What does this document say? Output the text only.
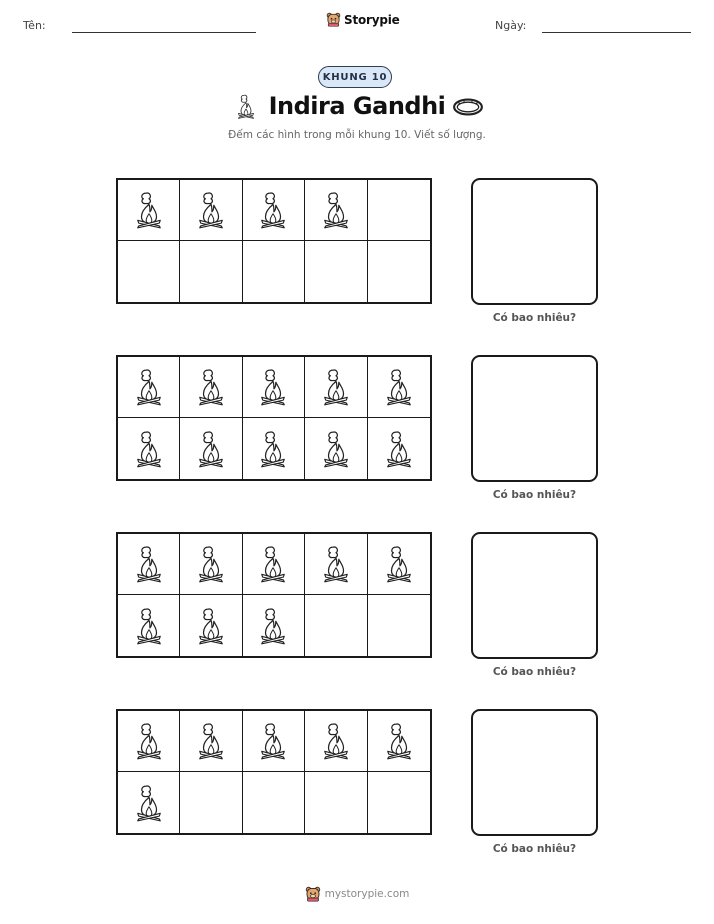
Tên:	Storypie	Ngày:
KHUNG 10
Indira Gandhi
Đếm các hình trong mỗi khung 10. Viết số lượng.
Có bao nhiêu?
Có bao nhiêu?
Có bao nhiêu?
Có bao nhiêu?
mystorypie.com
